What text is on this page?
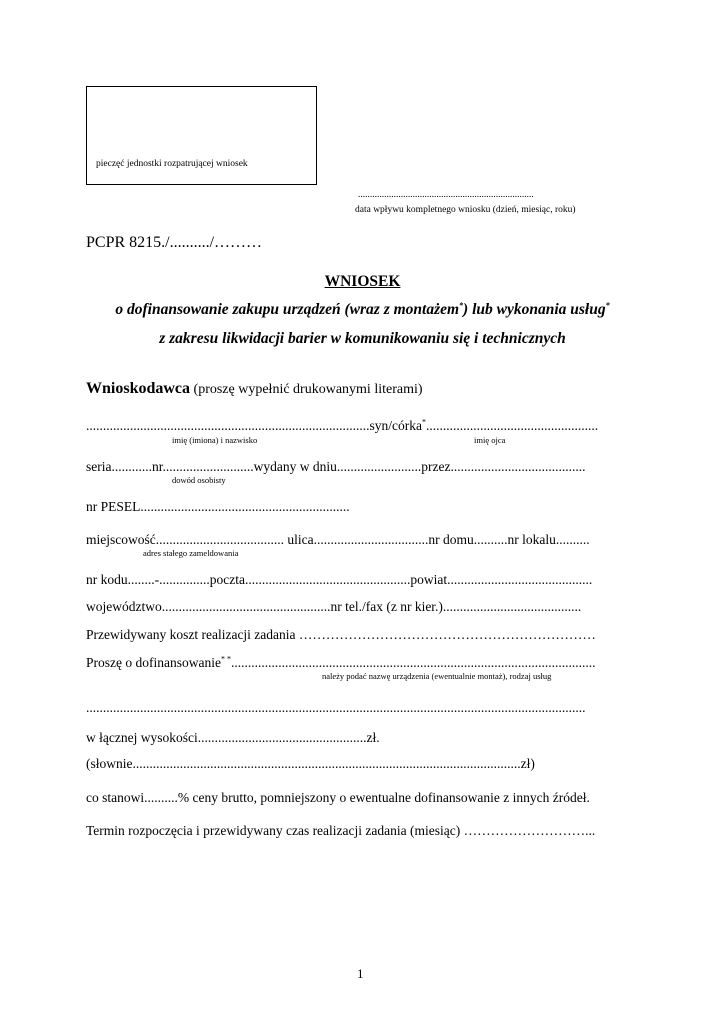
pieczęć jednostki rozpatrującej wniosek
..........................................................................
data wpływu kompletnego wniosku (dzień, miesiąc, roku)
PCPR 8215./........../………
WNIOSEK
o dofinansowanie zakupu urządzeń (wraz z montażem*) lub wykonania usług*
z zakresu likwidacji barier w komunikowaniu się i technicznych
Wnioskodawca (proszę wypełnić drukowanymi literami)
....................................................................................syn/córka*...................................................
imię (imiona) i nazwisko	imię ojca
seria............nr...........................wydany w dniu.........................przez........................................
dowód osobisty
nr PESEL..............................................................
miejscowość...................................... ulica..................................nr domu..........nr lokalu..........
adres stałego zameldowania
nr kodu........-...............poczta.................................................powiat...........................................
województwo..................................................nr tel./fax (z nr kier.).........................................
Przewidywany koszt realizacji zadania …………………………………………………………
Proszę o dofinansowanie* *............................................................................................................
należy podać nazwę urządzenia (ewentualnie montaż), rodzaj usług
....................................................................................................................................................
w łącznej wysokości..................................................zł.
(słownie...................................................................................................................zł)
co stanowi..........% ceny brutto, pomniejszony o ewentualne dofinansowanie z innych źródeł.
Termin rozpoczęcia i przewidywany czas realizacji zadania (miesiąc) ………………………...
1
